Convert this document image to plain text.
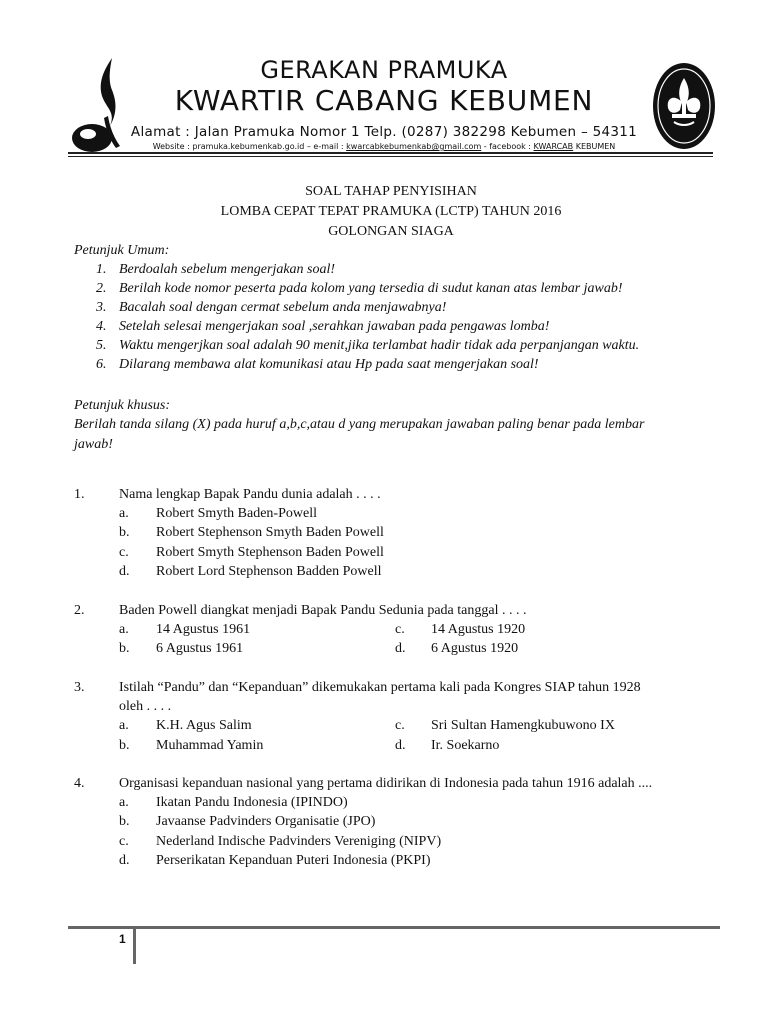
GERAKAN PRAMUKA
KWARTIR CABANG KEBUMEN
Alamat : Jalan Pramuka Nomor 1 Telp. (0287) 382298 Kebumen – 54311
Website : pramuka.kebumenkab.go.id – e-mail : kwarcabkebumenkab@gmail.com - facebook : KWARCAB KEBUMEN
SOAL TAHAP PENYISIHAN
LOMBA CEPAT TEPAT PRAMUKA (LCTP) TAHUN 2016
GOLONGAN SIAGA
Petunjuk Umum:
1. Berdoalah sebelum mengerjakan soal!
2. Berilah kode nomor peserta pada kolom yang tersedia di sudut kanan atas lembar jawab!
3. Bacalah soal dengan cermat sebelum anda menjawabnya!
4. Setelah selesai mengerjakan soal ,serahkan jawaban pada pengawas lomba!
5. Waktu mengerjkan soal adalah 90 menit,jika terlambat hadir tidak ada perpanjangan waktu.
6. Dilarang membawa alat komunikasi atau Hp pada saat mengerjakan soal!
Petunjuk khusus:
Berilah tanda silang (X) pada huruf a,b,c,atau d yang merupakan jawaban paling benar pada lembar
jawab!
1. Nama lengkap Bapak Pandu dunia adalah . . . .
a. Robert Smyth Baden-Powell
b. Robert Stephenson Smyth Baden Powell
c. Robert Smyth Stephenson Baden Powell
d. Robert Lord Stephenson Badden Powell
2. Baden Powell diangkat menjadi Bapak Pandu Sedunia pada tanggal . . . .
a. 14 Agustus 1961
b. 6 Agustus 1961
c. 14 Agustus 1920
d. 6 Agustus 1920
3. Istilah “Pandu” dan “Kepanduan” dikemukakan pertama kali pada Kongres SIAP tahun 1928
oleh . . . .
a. K.H. Agus Salim
b. Muhammad Yamin
c. Sri Sultan Hamengkubuwono IX
d. Ir. Soekarno
4. Organisasi kepanduan nasional yang pertama didirikan di Indonesia pada tahun 1916 adalah ....
a. Ikatan Pandu Indonesia (IPINDO)
b. Javaanse Padvinders Organisatie (JPO)
c. Nederland Indische Padvinders Vereniging (NIPV)
d. Perserikatan Kepanduan Puteri Indonesia (PKPI)
1
